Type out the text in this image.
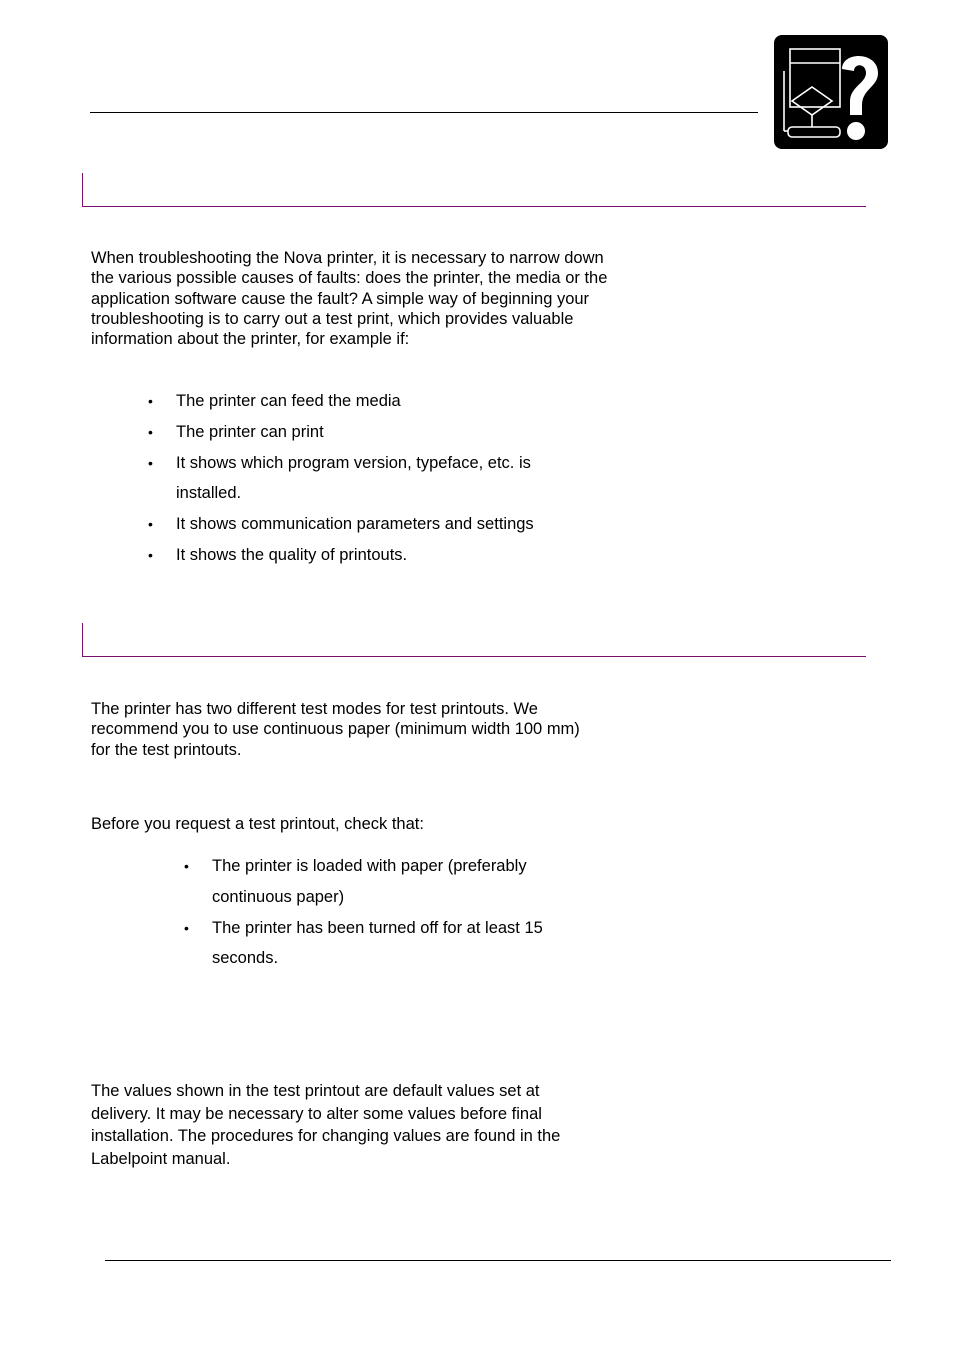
When troubleshooting the Nova printer, it is necessary to narrow down the various possible causes of faults: does the printer, the media or the application software cause the fault? A simple way of beginning your troubleshooting is to carry out a test print, which provides valuable information about the printer, for example if:

• The printer can feed the media
• The printer can print
• It shows which program version, typeface, etc. is installed.
• It shows communication parameters and settings
• It shows the quality of printouts.

The printer has two different test modes for test printouts. We recommend you to use continuous paper (minimum width 100 mm) for the test printouts.

Before you request a test printout, check that:

• The printer is loaded with paper (preferably continuous paper)
• The printer has been turned off for at least 15 seconds.

The values shown in the test printout are default values set at delivery. It may be necessary to alter some values before final installation. The procedures for changing values are found in the Labelpoint manual.
